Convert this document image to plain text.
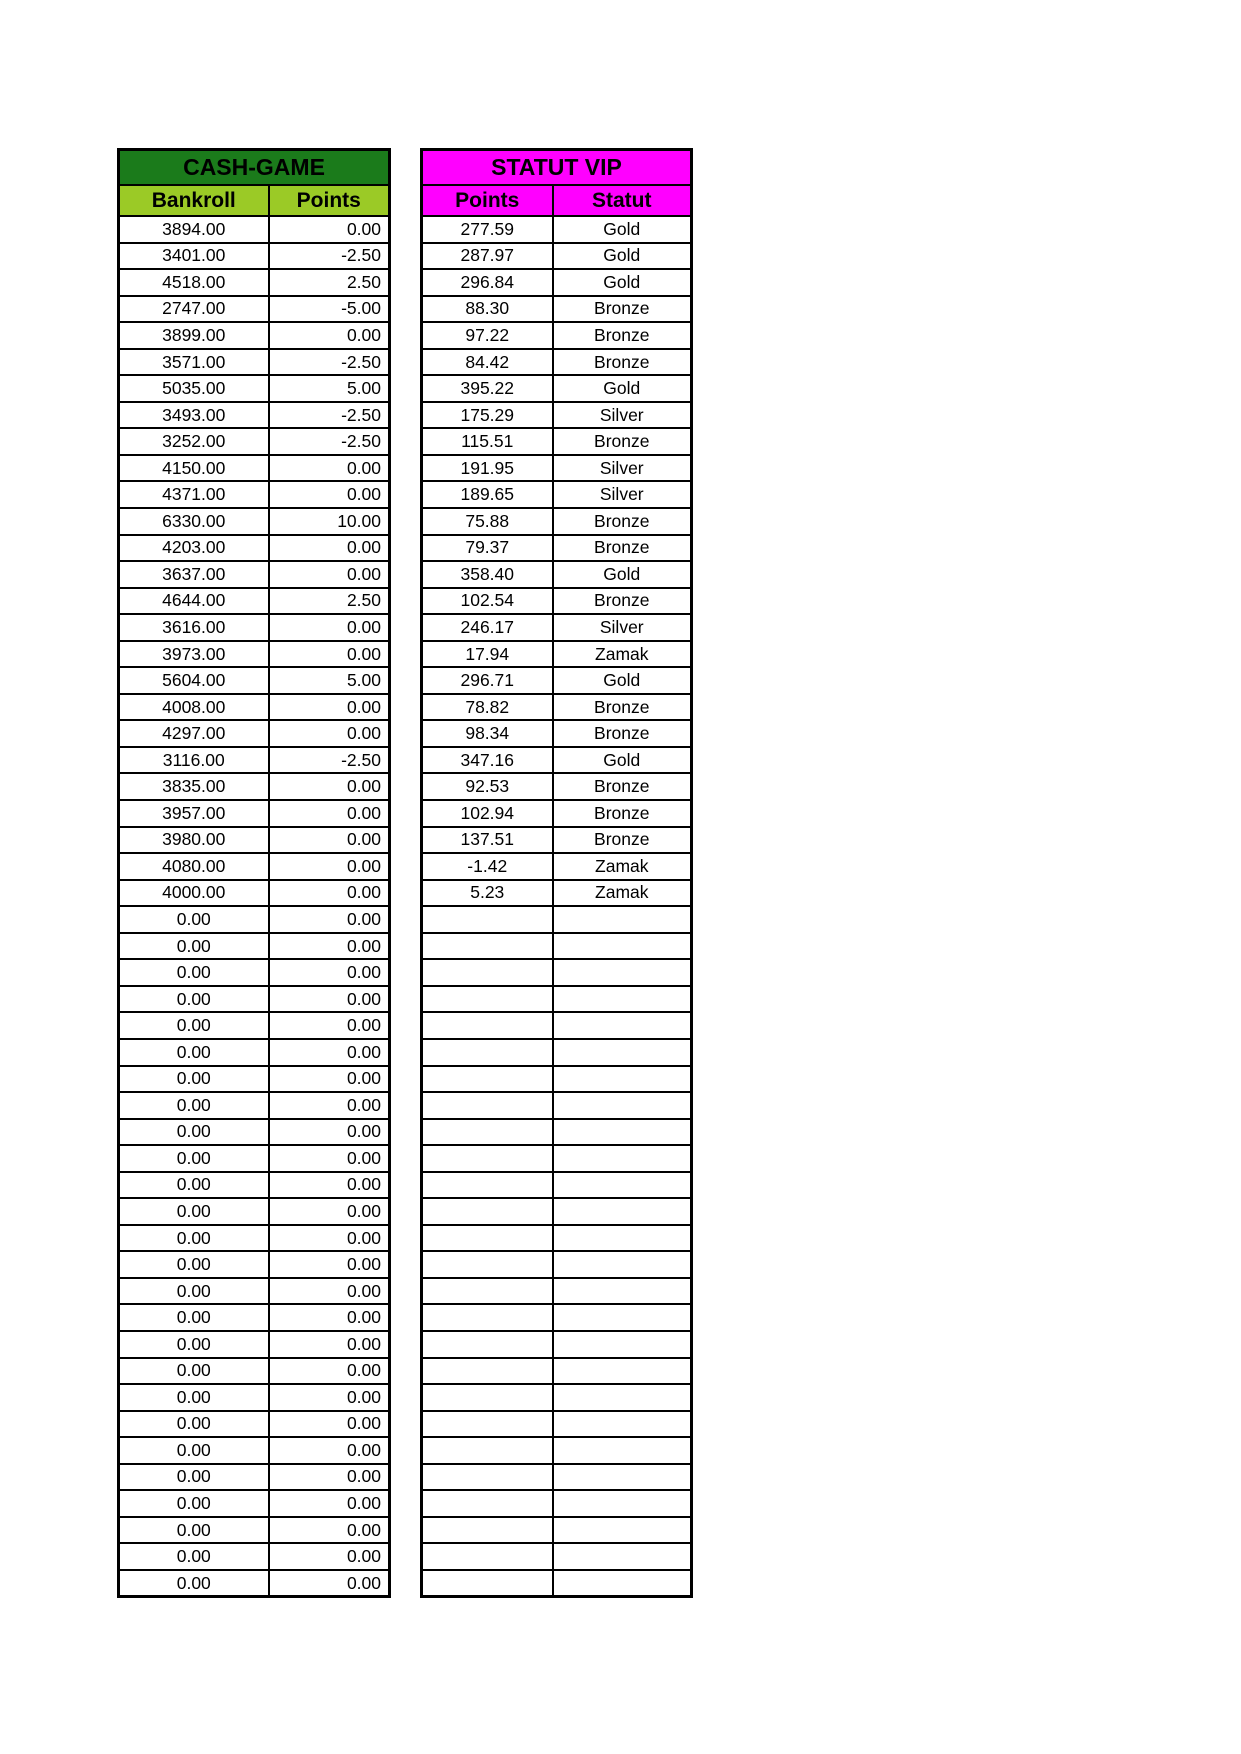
CASH-GAME	
Bankroll	Points
3894.00	0.00
3401.00	-2.50
4518.00	2.50
2747.00	-5.00
3899.00	0.00
3571.00	-2.50
5035.00	5.00
3493.00	-2.50
3252.00	-2.50
4150.00	0.00
4371.00	0.00
6330.00	10.00
4203.00	0.00
3637.00	0.00
4644.00	2.50
3616.00	0.00
3973.00	0.00
5604.00	5.00
4008.00	0.00
4297.00	0.00
3116.00	-2.50
3835.00	0.00
3957.00	0.00
3980.00	0.00
4080.00	0.00
4000.00	0.00
0.00	0.00
0.00	0.00
0.00	0.00
0.00	0.00
0.00	0.00
0.00	0.00
0.00	0.00
0.00	0.00
0.00	0.00
0.00	0.00
0.00	0.00
0.00	0.00
0.00	0.00
0.00	0.00
0.00	0.00
0.00	0.00
0.00	0.00
0.00	0.00
0.00	0.00
0.00	0.00
0.00	0.00
0.00	0.00
0.00	0.00
0.00	0.00
0.00	0.00
0.00	0.00
STATUT VIP	
Points	Statut
277.59	Gold
287.97	Gold
296.84	Gold
88.30	Bronze
97.22	Bronze
84.42	Bronze
395.22	Gold
175.29	Silver
115.51	Bronze
191.95	Silver
189.65	Silver
75.88	Bronze
79.37	Bronze
358.40	Gold
102.54	Bronze
246.17	Silver
17.94	Zamak
296.71	Gold
78.82	Bronze
98.34	Bronze
347.16	Gold
92.53	Bronze
102.94	Bronze
137.51	Bronze
-1.42	Zamak
5.23	Zamak
